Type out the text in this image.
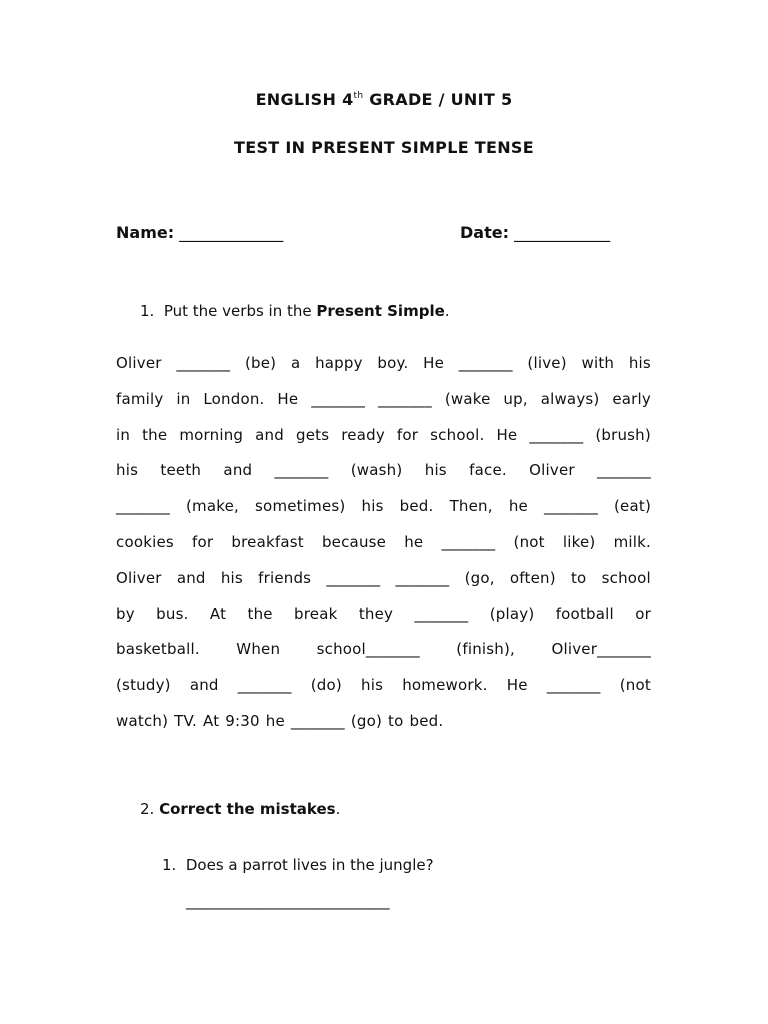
ENGLISH 4th GRADE / UNIT 5
TEST IN PRESENT SIMPLE TENSE
Name: _____________	Date: ____________
1. Put the verbs in the Present Simple.
Oliver _______ (be) a happy boy. He _______ (live) with his
family in London. He _______ _______ (wake up, always) early
in the morning and gets ready for school. He _______ (brush)
his teeth and _______ (wash) his face. Oliver _______
_______ (make, sometimes) his bed. Then, he _______ (eat)
cookies for breakfast because he _______ (not like) milk.
Oliver and his friends _______ _______ (go, often) to school
by bus. At the break they _______ (play) football or
basketball. When school_______ (finish), Oliver_______
(study) and _______ (do) his homework. He _______ (not
watch) TV. At 9:30 he _______ (go) to bed.
2. Correct the mistakes.
1. Does a parrot lives in the jungle?
_____________________________
